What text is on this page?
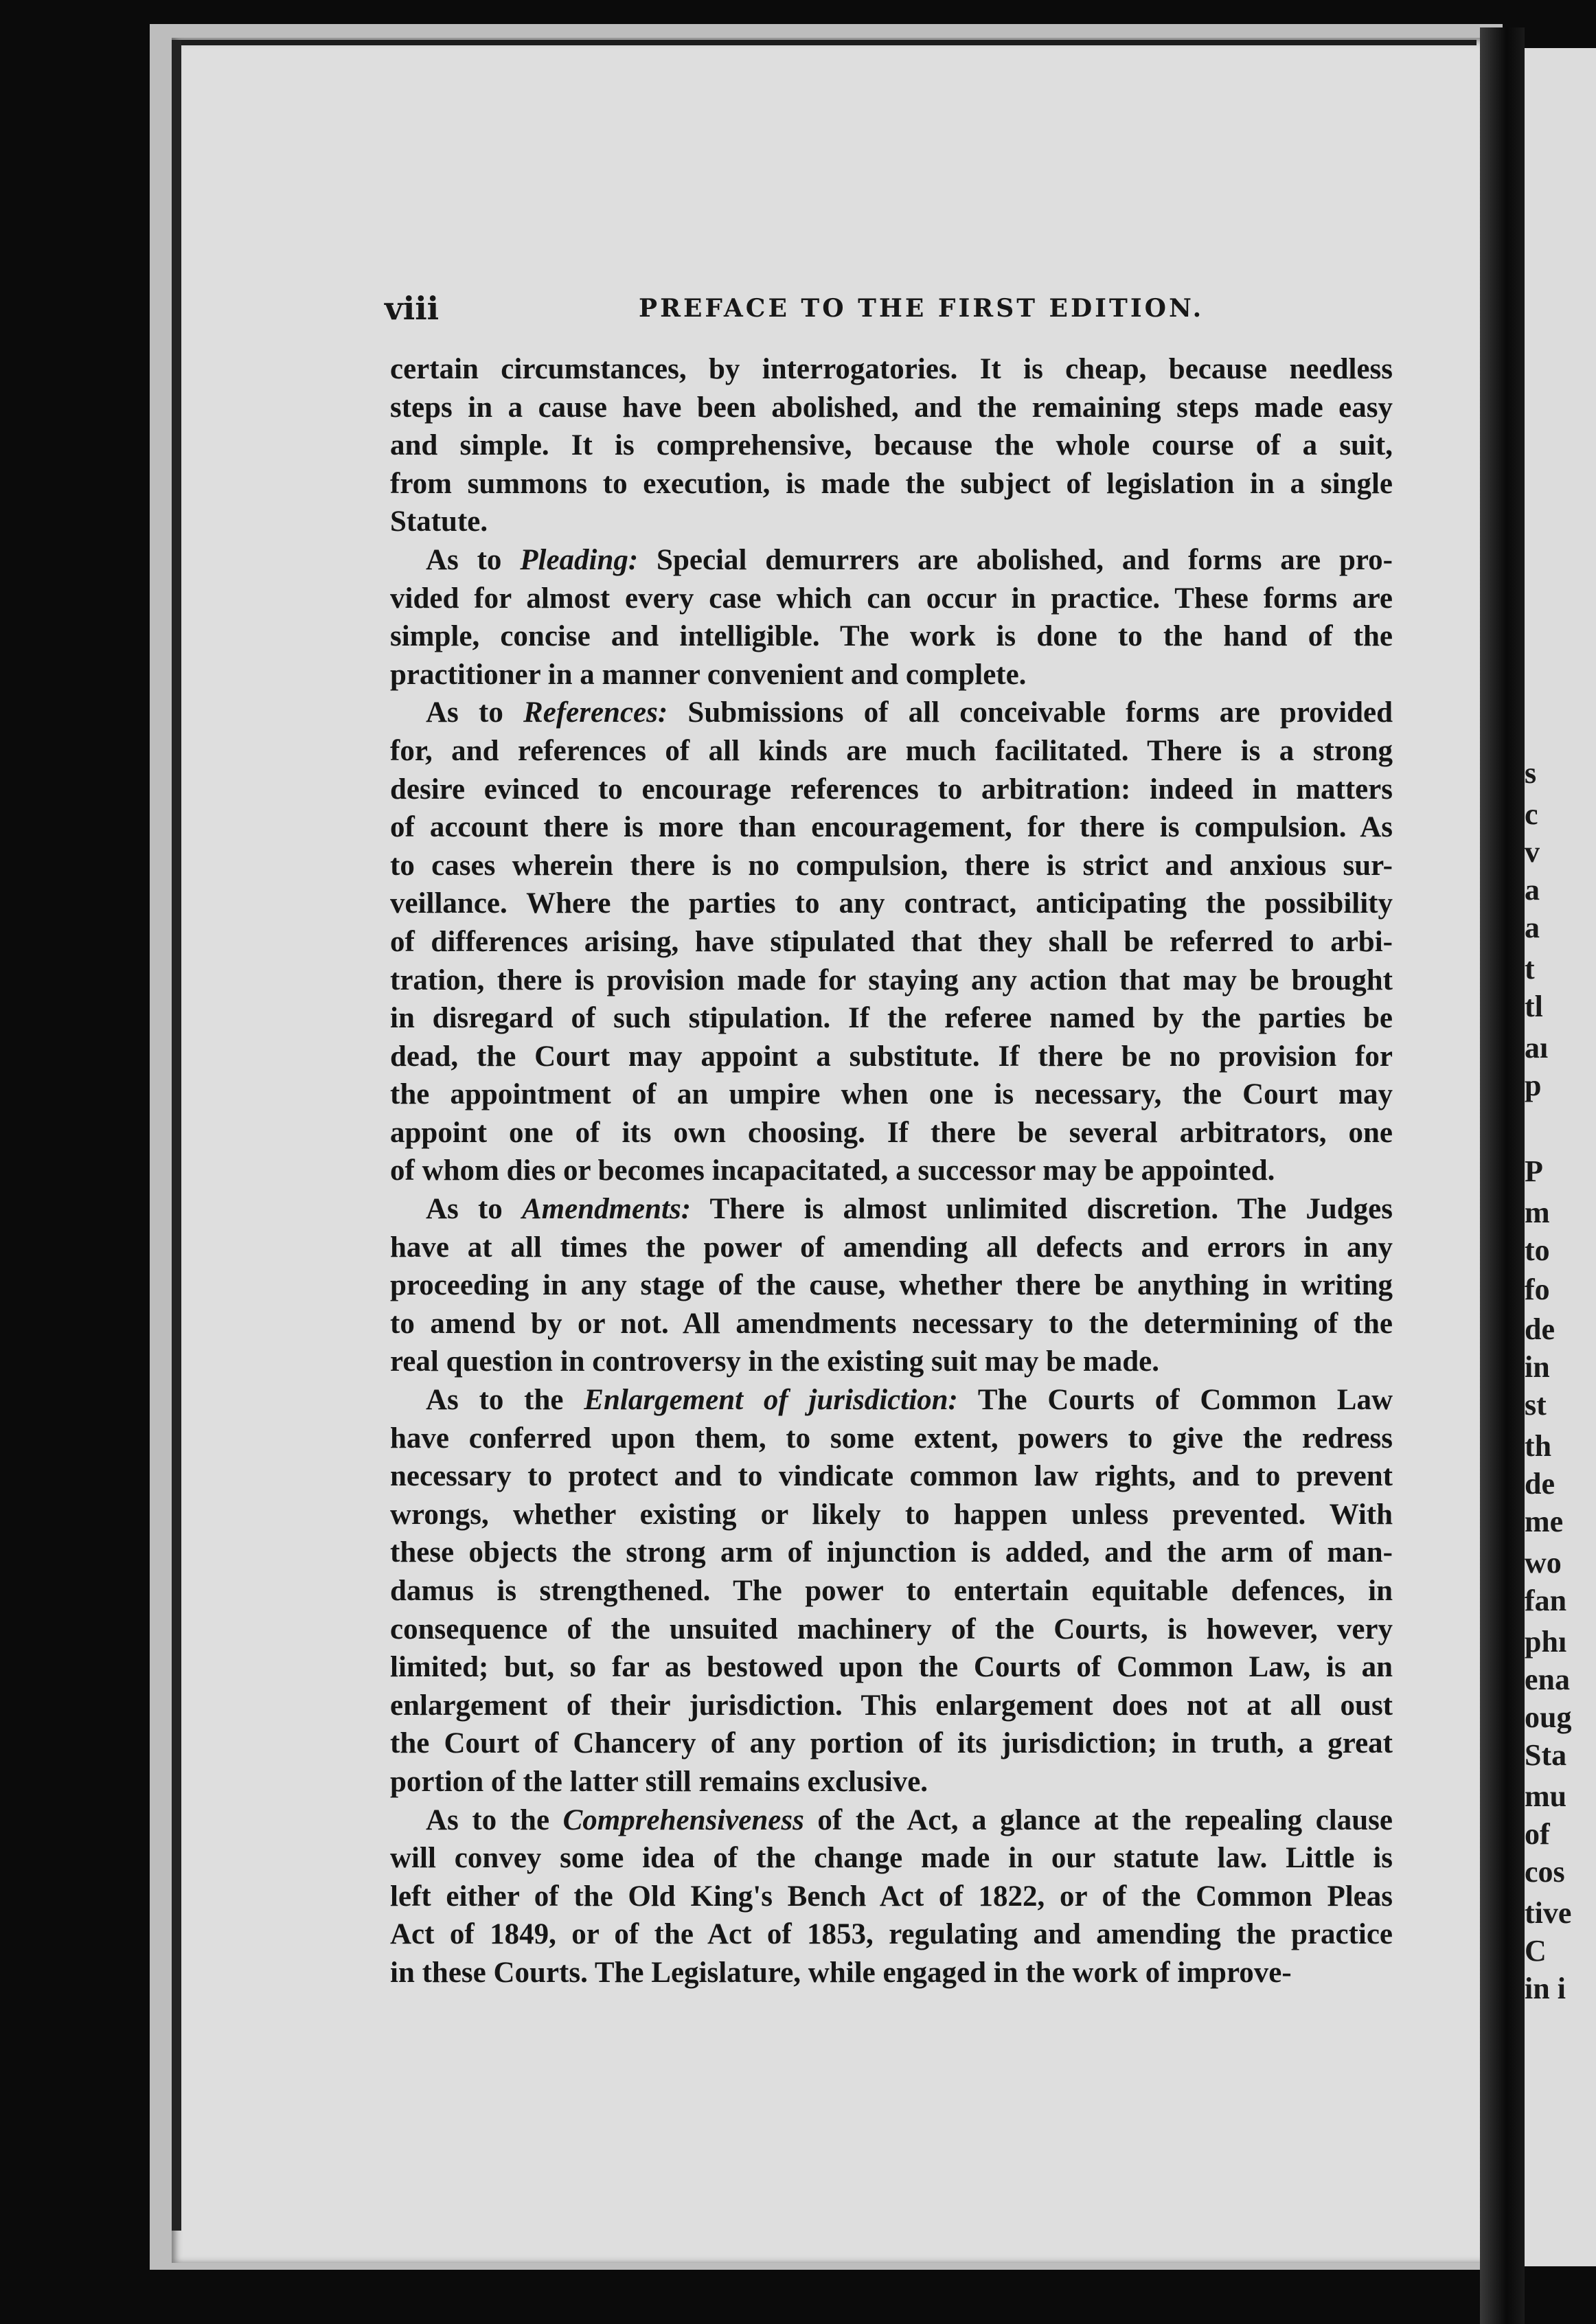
s
c
v
a
a
t
tl
aı
p
P
m
to
fo
de
in
st
th
de
me
wo
fan
phı
ena
oug
Sta
mu
of
cos
tive
C
in i
viii	PREFACE TO THE FIRST EDITION.
certain circumstances, by interrogatories. It is cheap, because needless
steps in a cause have been abolished, and the remaining steps made easy
and simple. It is comprehensive, because the whole course of a suit,
from summons to execution, is made the subject of legislation in a single
Statute.
As to Pleading: Special demurrers are abolished, and forms are pro-
vided for almost every case which can occur in practice. These forms are
simple, concise and intelligible. The work is done to the hand of the
practitioner in a manner convenient and complete.
As to References: Submissions of all conceivable forms are provided
for, and references of all kinds are much facilitated. There is a strong
desire evinced to encourage references to arbitration: indeed in matters
of account there is more than encouragement, for there is compulsion. As
to cases wherein there is no compulsion, there is strict and anxious sur-
veillance. Where the parties to any contract, anticipating the possibility
of differences arising, have stipulated that they shall be referred to arbi-
tration, there is provision made for staying any action that may be brought
in disregard of such stipulation. If the referee named by the parties be
dead, the Court may appoint a substitute. If there be no provision for
the appointment of an umpire when one is necessary, the Court may
appoint one of its own choosing. If there be several arbitrators, one
of whom dies or becomes incapacitated, a successor may be appointed.
As to Amendments: There is almost unlimited discretion. The Judges
have at all times the power of amending all defects and errors in any
proceeding in any stage of the cause, whether there be anything in writing
to amend by or not. All amendments necessary to the determining of the
real question in controversy in the existing suit may be made.
As to the Enlargement of jurisdiction: The Courts of Common Law
have conferred upon them, to some extent, powers to give the redress
necessary to protect and to vindicate common law rights, and to prevent
wrongs, whether existing or likely to happen unless prevented. With
these objects the strong arm of injunction is added, and the arm of man-
damus is strengthened. The power to entertain equitable defences, in
consequence of the unsuited machinery of the Courts, is however, very
limited; but, so far as bestowed upon the Courts of Common Law, is an
enlargement of their jurisdiction. This enlargement does not at all oust
the Court of Chancery of any portion of its jurisdiction; in truth, a great
portion of the latter still remains exclusive.
As to the Comprehensiveness of the Act, a glance at the repealing clause
will convey some idea of the change made in our statute law. Little is
left either of the Old King's Bench Act of 1822, or of the Common Pleas
Act of 1849, or of the Act of 1853, regulating and amending the practice
in these Courts. The Legislature, while engaged in the work of improve-
